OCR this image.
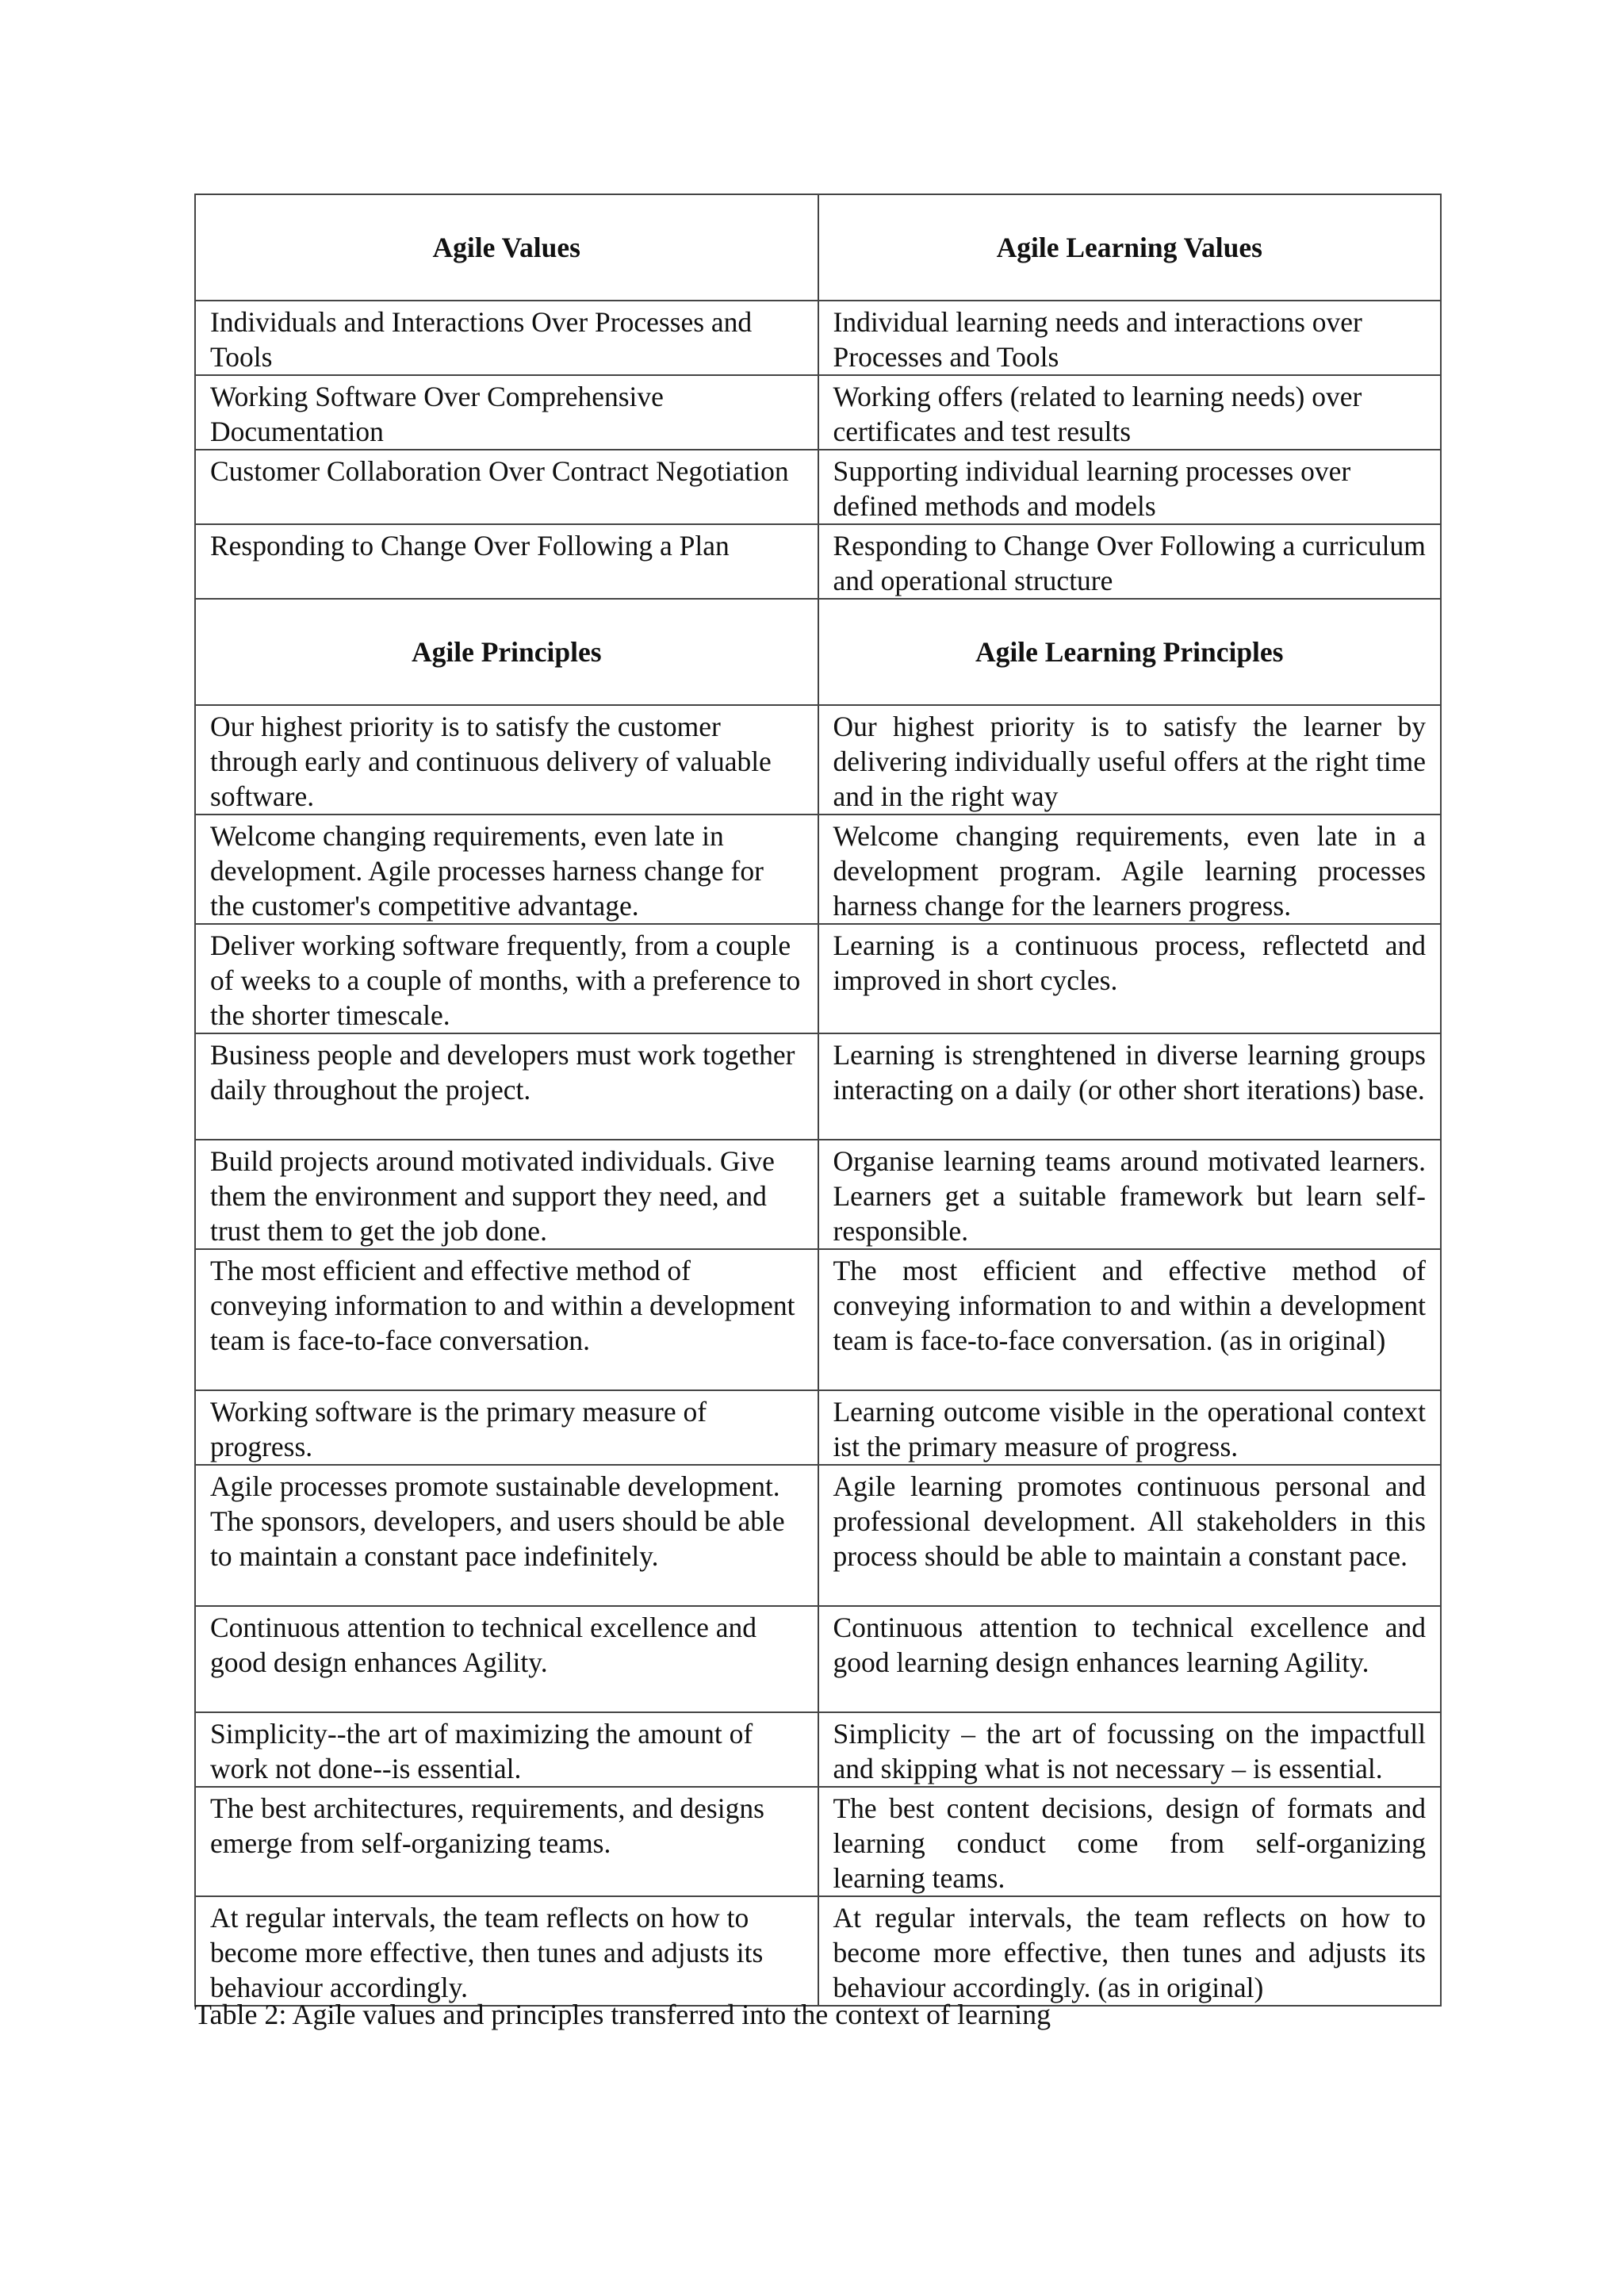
Agile Values	Agile Learning Values
Individuals and Interactions Over Processes and Tools	Individual learning needs and interactions over Processes and Tools
Working Software Over Comprehensive Documentation	Working offers (related to learning needs) over certificates and test results
Customer Collaboration Over Contract Negotiation	Supporting individual learning processes over defined methods and models
Responding to Change Over Following a Plan	Responding to Change Over Following a curriculum and operational structure
Agile Principles	Agile Learning Principles
Our highest priority is to satisfy the customer through early and continuous delivery of valuable software.	Our highest priority is to satisfy the learner by delivering individually useful offers at the right time and in the right way
Welcome changing requirements, even late in development. Agile processes harness change for the customer's competitive advantage.	Welcome changing requirements, even late in a development program. Agile learning processes harness change for the learners progress.
Deliver working software frequently, from a couple of weeks to a couple of months, with a preference to the shorter timescale.	Learning is a continuous process, reflectetd and improved in short cycles.
Business people and developers must work together daily throughout the project.	Learning is strenghtened in diverse learning groups interacting on a daily (or other short iterations) base.
Build projects around motivated individuals. Give them the environment and support they need, and trust them to get the job done.	Organise learning teams around motivated learners. Learners get a suitable framework but learn self-responsible.
The most efficient and effective method of conveying information to and within a development team is face-to-face conversation.	The most efficient and effective method of conveying information to and within a development team is face-to-face conversation. (as in original)
Working software is the primary measure of progress.	Learning outcome visible in the operational context ist the primary measure of progress.
Agile processes promote sustainable development. The sponsors, developers, and users should be able to maintain a constant pace indefinitely.	Agile learning promotes continuous personal and professional development. All stakeholders in this process should be able to maintain a constant pace.
Continuous attention to technical excellence and good design enhances Agility.	Continuous attention to technical excellence and good learning design enhances learning Agility.
Simplicity--the art of maximizing the amount of work not done--is essential.	Simplicity – the art of focussing on the impactfull and skipping what is not necessary – is essential.
The best architectures, requirements, and designs emerge from self-organizing teams.	The best content decisions, design of formats and learning conduct come from self-organizing learning teams.
At regular intervals, the team reflects on how to become more effective, then tunes and adjusts its behaviour accordingly.	At regular intervals, the team reflects on how to become more effective, then tunes and adjusts its behaviour accordingly. (as in original)
Table 2: Agile values and principles transferred into the context of learning
